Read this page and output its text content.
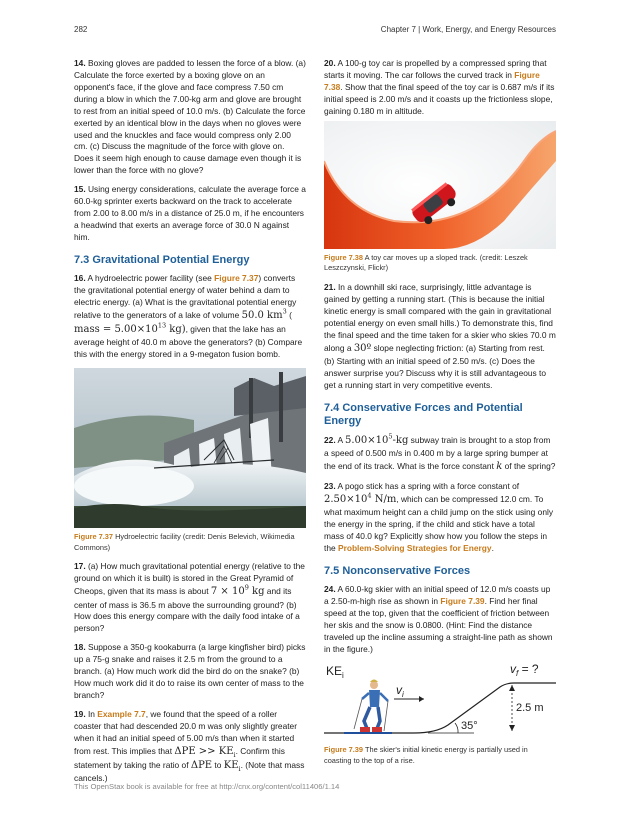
282	Chapter 7 | Work, Energy, and Energy Resources

14. Boxing gloves are padded to lessen the force of a blow. (a) Calculate the force exerted by a boxing glove on an opponent's face, if the glove and face compress 7.50 cm during a blow in which the 7.00-kg arm and glove are brought to rest from an initial speed of 10.0 m/s. (b) Calculate the force exerted by an identical blow in the days when no gloves were used and the knuckles and face would compress only 2.00 cm. (c) Discuss the magnitude of the force with glove on. Does it seem high enough to cause damage even though it is lower than the force with no glove?

15. Using energy considerations, calculate the average force a 60.0-kg sprinter exerts backward on the track to accelerate from 2.00 to 8.00 m/s in a distance of 25.0 m, if he encounters a headwind that exerts an average force of 30.0 N against him.

7.3 Gravitational Potential Energy

16. A hydroelectric power facility (see Figure 7.37) converts the gravitational potential energy of water behind a dam to electric energy. (a) What is the gravitational potential energy relative to the generators of a lake of volume 50.0 $km^3$ ( mass = $5.00\times 10^{13}$ kg), given that the lake has an average height of 40.0 m above the generators? (b) Compare this with the energy stored in a 9-megaton fusion bomb.

Figure 7.37 Hydroelectric facility (credit: Denis Belevich, Wikimedia Commons)

17. (a) How much gravitational potential energy (relative to the ground on which it is built) is stored in the Great Pyramid of Cheops, given that its mass is about $7 \times 10^9$ kg and its center of mass is 36.5 m above the surrounding ground? (b) How does this energy compare with the daily food intake of a person?

18. Suppose a 350-g kookaburra (a large kingfisher bird) picks up a 75-g snake and raises it 2.5 m from the ground to a branch. (a) How much work did the bird do on the snake? (b) How much work did it do to raise its own center of mass to the branch?

19. In Example 7.7, we found that the speed of a roller coaster that had descended 20.0 m was only slightly greater when it had an initial speed of 5.00 m/s than when it started from rest. This implies that $\Delta PE >> KE_i$. Confirm this statement by taking the ratio of ΔPE to $KE_i$. (Note that mass cancels.)

20. A 100-g toy car is propelled by a compressed spring that starts it moving. The car follows the curved track in Figure 7.38. Show that the final speed of the toy car is 0.687 m/s if its initial speed is 2.00 m/s and it coasts up the frictionless slope, gaining 0.180 m in altitude.

Figure 7.38 A toy car moves up a sloped track. (credit: Leszek Leszczynski, Flickr)

21. In a downhill ski race, surprisingly, little advantage is gained by getting a running start. (This is because the initial kinetic energy is small compared with the gain in gravitational potential energy on even small hills.) To demonstrate this, find the final speed and the time taken for a skier who skies 70.0 m along a 30º slope neglecting friction: (a) Starting from rest. (b) Starting with an initial speed of 2.50 m/s. (c) Does the answer surprise you? Discuss why it is still advantageous to get a running start in very competitive events.

7.4 Conservative Forces and Potential Energy

22. A $5.00\times 10^5-kg$ subway train is brought to a stop from a speed of 0.500 m/s in 0.400 m by a large spring bumper at the end of its track. What is the force constant k of the spring?

23. A pogo stick has a spring with a force constant of $2.50\times 10^4$ N/m, which can be compressed 12.0 cm. To what maximum height can a child jump on the stick using only the energy in the spring, if the child and stick have a total mass of 40.0 kg? Explicitly show how you follow the steps in the Problem-Solving Strategies for Energy.

7.5 Nonconservative Forces

24. A 60.0-kg skier with an initial speed of 12.0 m/s coasts up a 2.50-m-high rise as shown in Figure 7.39. Find her final speed at the top, given that the coefficient of friction between her skis and the snow is 0.0800. (Hint: Find the distance traveled up the incline assuming a straight-line path as shown in the figure.)

35°
2.5 m
$KE_i$	$v_f$ = ?
$v_i$
Figure 7.39 The skier's initial kinetic energy is partially used in coasting to the top of a rise.
This OpenStax book is available for free at http://cnx.org/content/col11406/1.14
